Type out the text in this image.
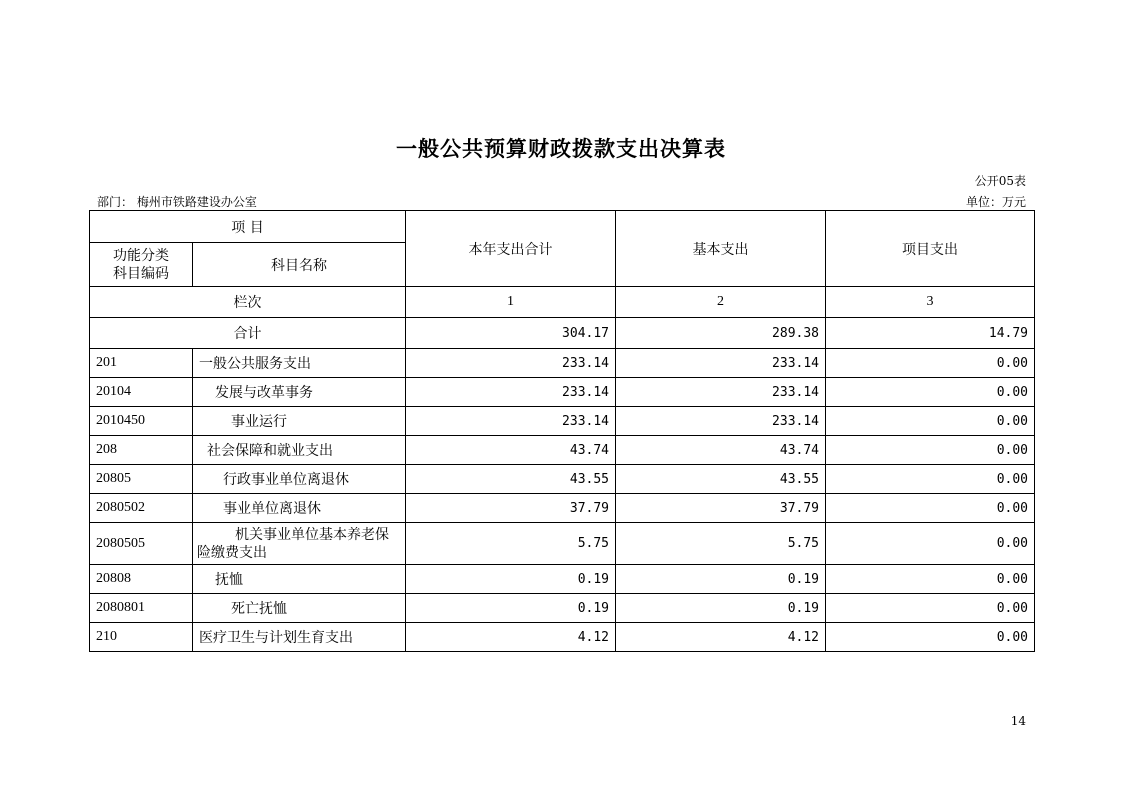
一般公共预算财政拨款支出决算表
公开05表
部门： 梅州市铁路建设办公室	单位：万元
项 目		本年支出合计	基本支出	项目支出
功能分类
科目编码	科目名称			
栏次		1	2	3
合计		304.17	289.38	14.79
201	一般公共服务支出	233.14	233.14	0.00
20104	发展与改革事务	233.14	233.14	0.00
2010450	事业运行	233.14	233.14	0.00
208	社会保障和就业支出	43.74	43.74	0.00
20805	行政事业单位离退休	43.55	43.55	0.00
2080502	事业单位离退休	37.79	37.79	0.00
2080505	机关事业单位基本养老保险缴费支出	5.75	5.75	0.00
20808	抚恤	0.19	0.19	0.00
2080801	死亡抚恤	0.19	0.19	0.00
210	医疗卫生与计划生育支出	4.12	4.12	0.00
14
